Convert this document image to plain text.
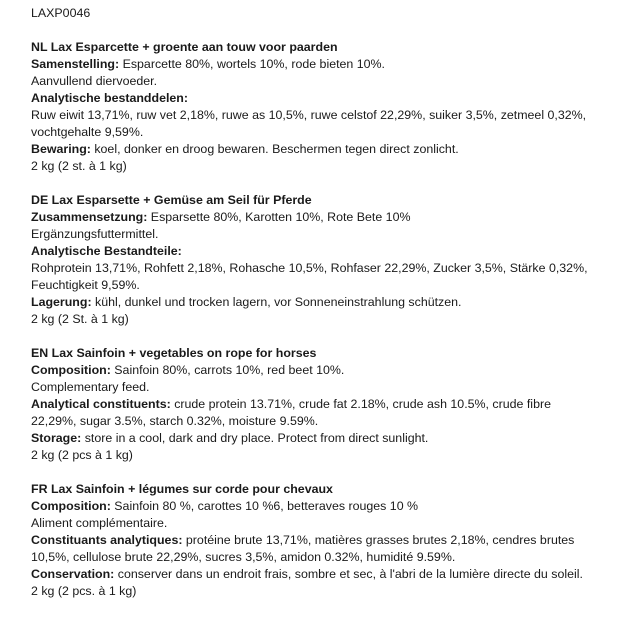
LAXP0046
NL Lax Esparcette + groente aan touw voor paarden
Samenstelling: Esparcette 80%, wortels 10%, rode bieten 10%.
Aanvullend diervoeder.
Analytische bestanddelen:
Ruw eiwit 13,71%, ruw vet 2,18%, ruwe as 10,5%, ruwe celstof 22,29%, suiker 3,5%, zetmeel 0,32%,
vochtgehalte 9,59%.
Bewaring: koel, donker en droog bewaren. Beschermen tegen direct zonlicht.
2 kg (2 st. à 1 kg)
DE Lax Esparsette + Gemüse am Seil für Pferde
Zusammensetzung: Esparsette 80%, Karotten 10%, Rote Bete 10%
Ergänzungsfuttermittel.
Analytische Bestandteile:
Rohprotein 13,71%, Rohfett 2,18%, Rohasche 10,5%, Rohfaser 22,29%, Zucker 3,5%, Stärke 0,32%,
Feuchtigkeit 9,59%.
Lagerung: kühl, dunkel und trocken lagern, vor Sonneneinstrahlung schützen.
2 kg (2 St. à 1 kg)
EN Lax Sainfoin + vegetables on rope for horses
Composition: Sainfoin 80%, carrots 10%, red beet 10%.
Complementary feed.
Analytical constituents: crude protein 13.71%, crude fat 2.18%, crude ash 10.5%, crude fibre
22,29%, sugar 3.5%, starch 0.32%, moisture 9.59%.
Storage: store in a cool, dark and dry place. Protect from direct sunlight.
2 kg (2 pcs à 1 kg)
FR Lax Sainfoin + légumes sur corde pour chevaux
Composition: Sainfoin 80 %, carottes 10 %6, betteraves rouges 10 %
Aliment complémentaire.
Constituants analytiques: protéine brute 13,71%, matières grasses brutes 2,18%, cendres brutes
10,5%, cellulose brute 22,29%, sucres 3,5%, amidon 0.32%, humidité 9.59%.
Conservation: conserver dans un endroit frais, sombre et sec, à l'abri de la lumière directe du soleil.
2 kg (2 pcs. à 1 kg)
